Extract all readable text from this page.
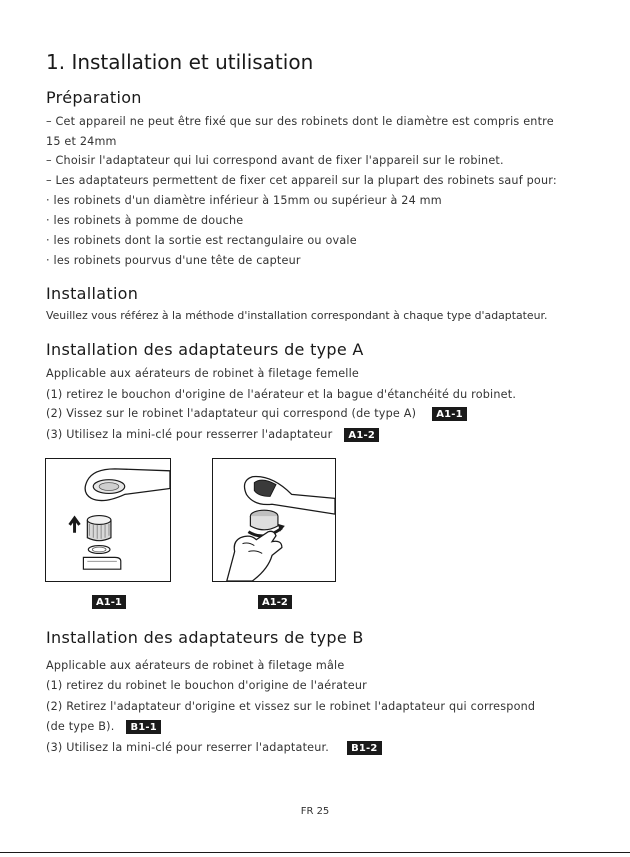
1. Installation et utilisation
Préparation
– Cet appareil ne peut être fixé que sur des robinets dont le diamètre est compris entre
15 et 24mm
– Choisir l'adaptateur qui lui correspond avant de fixer l'appareil sur le robinet.
– Les adaptateurs permettent de fixer cet appareil sur la plupart des robinets sauf pour:
· les robinets d'un diamètre inférieur à 15mm ou supérieur à 24 mm
· les robinets à pomme de douche
· les robinets dont la sortie est rectangulaire ou ovale
· les robinets pourvus d'une tête de capteur
Installation
Veuillez vous référez à la méthode d'installation correspondant à chaque type d'adaptateur.
Installation des adaptateurs de type A
Applicable aux aérateurs de robinet à filetage femelle
(1) retirez le bouchon d'origine de l'aérateur et la bague d'étanchéité du robinet.
(2) Vissez sur le robinet l'adaptateur qui correspond (de type A) A1-1
(3) Utilisez la mini-clé pour resserrer l'adaptateur A1-2
A1-1	A1-2
Installation des adaptateurs de type B
Applicable aux aérateurs de robinet à filetage mâle
(1) retirez du robinet le bouchon d'origine de l'aérateur
(2) Retirez l'adaptateur d'origine et vissez sur le robinet l'adaptateur qui correspond
(de type B). B1-1
(3) Utilisez la mini-clé pour reserrer l'adaptateur. B1-2
FR 25
